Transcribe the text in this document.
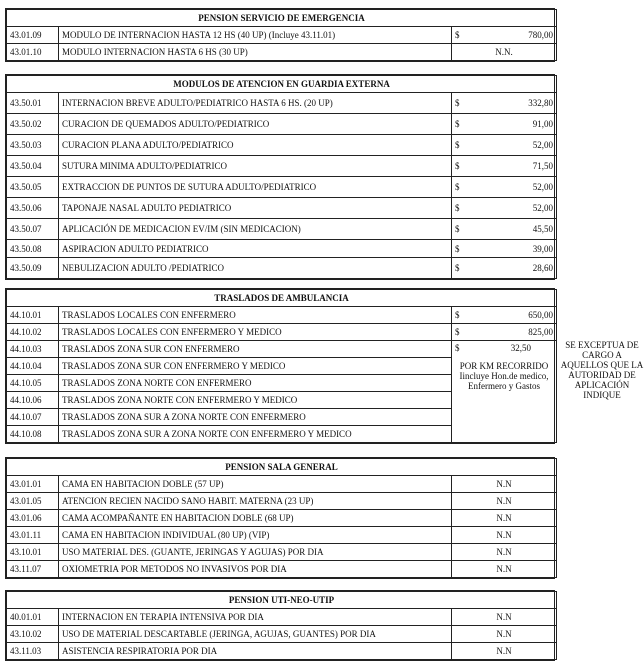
PENSION SERVICIO DE EMERGENCIA		
43.01.09	MODULO DE INTERNACION HASTA 12 HS (40 UP) (Incluye 43.11.01)	$ 780,00

43.01.10	MODULO INTERNACION HASTA 6 HS (30 UP)	N.N.
MODULOS DE ATENCION EN GUARDIA EXTERNA		
43.50.01	INTERNACION BREVE ADULTO/PEDIATRICO HASTA 6 HS. (20 UP)	$ 332,80

43.50.02	CURACION DE QUEMADOS ADULTO/PEDIATRICO	$ 91,00

43.50.03	CURACION PLANA ADULTO/PEDIATRICO	$ 52,00

43.50.04	SUTURA MINIMA ADULTO/PEDIATRICO	$ 71,50

43.50.05	EXTRACCION DE PUNTOS DE SUTURA ADULTO/PEDIATRICO	$ 52,00

43.50.06	TAPONAJE NASAL ADULTO PEDIATRICO	$ 52,00

43.50.07	APLICACIÓN DE MEDICACION EV/IM (SIN MEDICACION)	$ 45,50

43.50.08	ASPIRACION ADULTO PEDIATRICO	$ 39,00

43.50.09	NEBULIZACION ADULTO /PEDIATRICO	$ 28,60
TRASLADOS DE AMBULANCIA		
44.10.01	TRASLADOS LOCALES CON ENFERMERO	$ 650,00

44.10.02	TRASLADOS LOCALES CON ENFERMERO Y MEDICO	$ 825,00

44.10.03	TRASLADOS ZONA SUR CON ENFERMERO	$ 32,50
POR KM RECORRIDO Iincluye Hon.de medico, Enfermero y Gastos

44.10.04	TRASLADOS ZONA SUR CON ENFERMERO Y MEDICO	
44.10.05	TRASLADOS ZONA NORTE CON ENFERMERO	
44.10.06	TRASLADOS ZONA NORTE CON ENFERMERO Y MEDICO	
44.10.07	TRASLADOS ZONA SUR A ZONA NORTE CON ENFERMERO	
44.10.08	TRASLADOS ZONA SUR A ZONA NORTE CON ENFERMERO Y MEDICO	
SE EXCEPTUA DE CARGO A AQUELLOS QUE LA AUTORIDAD DE APLICACIÓN INDIQUE
PENSION SALA GENERAL		
43.01.01	CAMA EN HABITACION DOBLE (57 UP)	N.N
43.01.05	ATENCION RECIEN NACIDO SANO HABIT. MATERNA (23 UP)	N.N
43.01.06	CAMA ACOMPAÑANTE EN HABITACION DOBLE (68 UP)	N.N
43.01.11	CAMA EN HABITACION INDIVIDUAL (80 UP) (VIP)	N.N
43.10.01	USO MATERIAL DES. (GUANTE, JERINGAS Y AGUJAS) POR DIA	N.N
43.11.07	OXIOMETRIA POR METODOS NO INVASIVOS POR DIA	N.N
PENSION UTI-NEO-UTIP		
40.01.01	INTERNACION EN TERAPIA INTENSIVA POR DIA	N.N
43.10.02	USO DE MATERIAL DESCARTABLE (JERINGA, AGUJAS, GUANTES) POR DIA	N.N
43.11.03	ASISTENCIA RESPIRATORIA POR DIA	N.N
